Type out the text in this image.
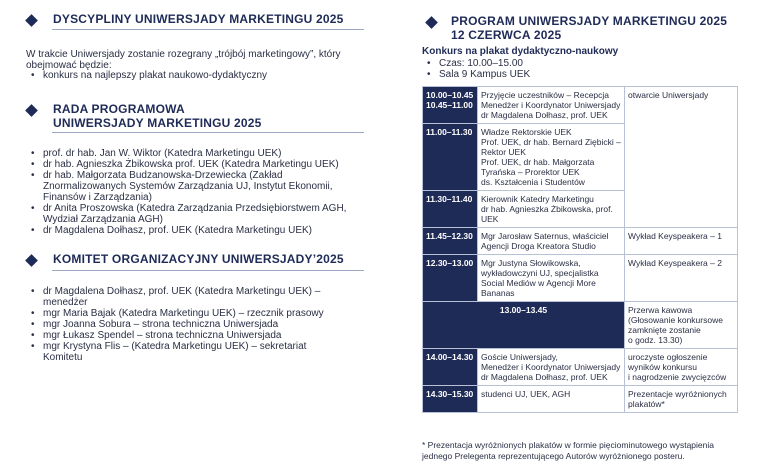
DYSCYPLINY UNIWERSJADY MARKETINGU 2025
W trakcie Uniwersjady zostanie rozegrany „trójbój marketingowy”, który obejmować będzie:
• konkurs na najlepszy plakat naukowo-dydaktyczny
RADA PROGRAMOWA
UNIWERSJADY MARKETINGU 2025
• prof. dr hab. Jan W. Wiktor (Katedra Marketingu UEK)
• dr hab. Agnieszka Żbikowska prof. UEK (Katedra Marketingu UEK)
• dr hab. Małgorzata Budzanowska-Drzewiecka (Zakład Znormalizowanych Systemów Zarządzania UJ, Instytut Ekonomii, Finansów i Zarządzania)
• dr Anita Proszowska (Katedra Zarządzania Przedsiębiorstwem AGH, Wydział Zarządzania AGH)
• dr Magdalena Dołhasz, prof. UEK (Katedra Marketingu UEK)
KOMITET ORGANIZACYJNY UNIWERSJADY’2025
• dr Magdalena Dołhasz, prof. UEK (Katedra Marketingu UEK) – menedżer
• mgr Maria Bajak (Katedra Marketingu UEK) – rzecznik prasowy
• mgr Joanna Sobura – strona techniczna Uniwersjada
• mgr Łukasz Spendel – strona techniczna Uniwersjada
• mgr Krystyna Flis – (Katedra Marketingu UEK) – sekretariat Komitetu
PROGRAM UNIWERSJADY MARKETINGU 2025
12 CZERWCA 2025
Konkurs na plakat dydaktyczno-naukowy
• Czas: 10.00–15.00
• Sala 9 Kampus UEK
10.00–10.45
10.45–11.00	Przyjęcie uczestników – Recepcja
Menedżer i Koordynator Uniwersjady
dr Magdalena Dołhasz, prof. UEK	otwarcie Uniwersjady
11.00–11.30	Władze Rektorskie UEK
Prof. UEK, dr hab. Bernard Ziębicki – Rektor UEK
Prof. UEK, dr hab. Małgorzata Tyrańska – Prorektor UEK
ds. Kształcenia i Studentów	
11.30–11.40	Kierownik Katedry Marketingu
dr hab. Agnieszka Żbikowska, prof. UEK	
11.45–12.30	Mgr Jarosław Saternus, właściciel Agencji Droga Kreatora Studio	Wykład Keyspeakera – 1
12.30–13.00	Mgr Justyna Słowikowska, wykładowczyni UJ, specjalistka Social Mediów w Agencji More Bananas	Wykład Keyspeakera – 2
13.00–13.45		Przerwa kawowa
(Głosowanie konkursowe zamknięte zostanie
o godz. 13.30)
14.00–14.30	Goście Uniwersjady,
Menedżer i Koordynator Uniwersjady
dr Magdalena Dołhasz, prof. UEK	uroczyste ogłoszenie wyników konkursu
i nagrodzenie zwycięzców
14.30–15.30	studenci UJ, UEK, AGH	Prezentacje wyróżnionych plakatów*
* Prezentacja wyróżnionych plakatów w formie pięciominutowego wystąpienia jednego Prelegenta reprezentującego Autorów wyróżnionego posteru.
